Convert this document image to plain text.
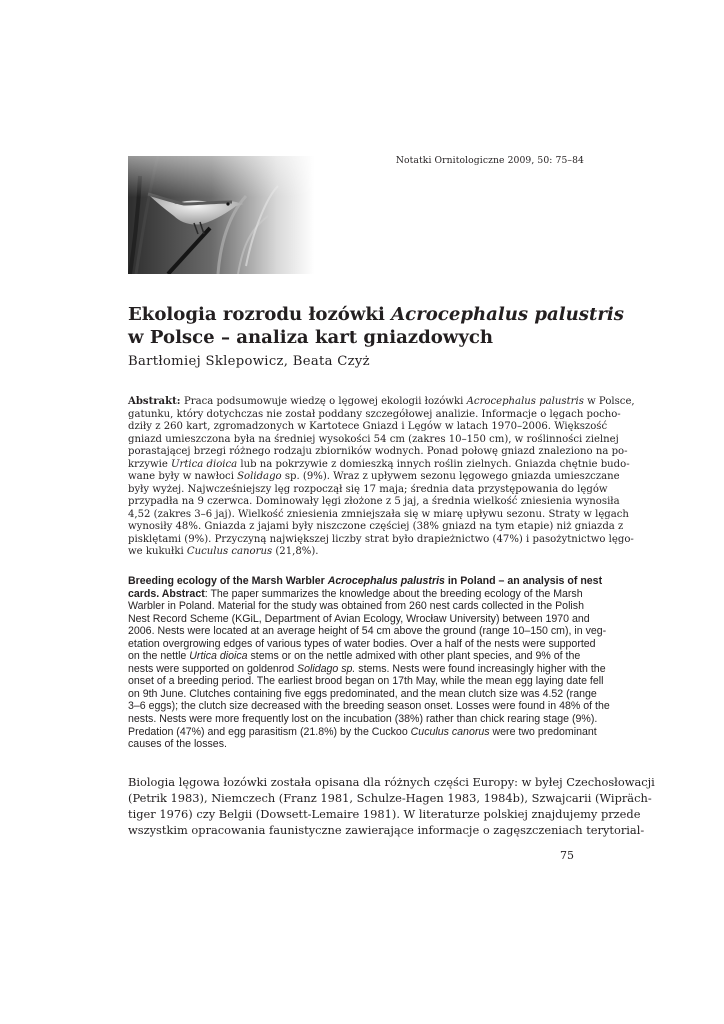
Notatki Ornitologiczne 2009, 50: 75–84
Ekologia rozrodu łozówki Acrocephalus palustris
w Polsce – analiza kart gniazdowych
Bartłomiej Sklepowicz, Beata Czyż
Abstrakt: Praca podsumowuje wiedzę o lęgowej ekologii łozówki Acrocephalus palustris w Polsce,
gatunku, który dotychczas nie został poddany szczegółowej analizie. Informacje o lęgach pocho-
dziły z 260 kart, zgromadzonych w Kartotece Gniazd i Lęgów w latach 1970–2006. Większość
gniazd umieszczona była na średniej wysokości 54 cm (zakres 10–150 cm), w roślinności zielnej
porastającej brzegi różnego rodzaju zbiorników wodnych. Ponad połowę gniazd znaleziono na po-
krzywie Urtica dioica lub na pokrzywie z domieszką innych roślin zielnych. Gniazda chętnie budo-
wane były w nawłoci Solidago sp. (9%). Wraz z upływem sezonu lęgowego gniazda umieszczane
były wyżej. Najwcześniejszy lęg rozpoczął się 17 maja; średnia data przystępowania do lęgów
przypadła na 9 czerwca. Dominowały lęgi złożone z 5 jaj, a średnia wielkość zniesienia wynosiła
4,52 (zakres 3–6 jaj). Wielkość zniesienia zmniejszała się w miarę upływu sezonu. Straty w lęgach
wynosiły 48%. Gniazda z jajami były niszczone częściej (38% gniazd na tym etapie) niż gniazda z
pisklętami (9%). Przyczyną największej liczby strat było drapieżnictwo (47%) i pasożytnictwo lęgo-
we kukułki Cuculus canorus (21,8%).
Breeding ecology of the Marsh Warbler Acrocephalus palustris in Poland – an analysis of nest
cards. Abstract: The paper summarizes the knowledge about the breeding ecology of the Marsh
Warbler in Poland. Material for the study was obtained from 260 nest cards collected in the Polish
Nest Record Scheme (KGiL, Department of Avian Ecology, Wrocław University) between 1970 and
2006. Nests were located at an average height of 54 cm above the ground (range 10–150 cm), in veg-
etation overgrowing edges of various types of water bodies. Over a half of the nests were supported
on the nettle Urtica dioica stems or on the nettle admixed with other plant species, and 9% of the
nests were supported on goldenrod Solidago sp. stems. Nests were found increasingly higher with the
onset of a breeding period. The earliest brood began on 17th May, while the mean egg laying date fell
on 9th June. Clutches containing five eggs predominated, and the mean clutch size was 4.52 (range
3–6 eggs); the clutch size decreased with the breeding season onset. Losses were found in 48% of the
nests. Nests were more frequently lost on the incubation (38%) rather than chick rearing stage (9%).
Predation (47%) and egg parasitism (21.8%) by the Cuckoo Cuculus canorus were two predominant
causes of the losses.
Biologia lęgowa łozówki została opisana dla różnych części Europy: w byłej Czechosłowacji
(Petrik 1983), Niemczech (Franz 1981, Schulze-Hagen 1983, 1984b), Szwajcarii (Wipräch-
tiger 1976) czy Belgii (Dowsett-Lemaire 1981). W literaturze polskiej znajdujemy przede
wszystkim opracowania faunistyczne zawierające informacje o zagęszczeniach terytorial-
75
